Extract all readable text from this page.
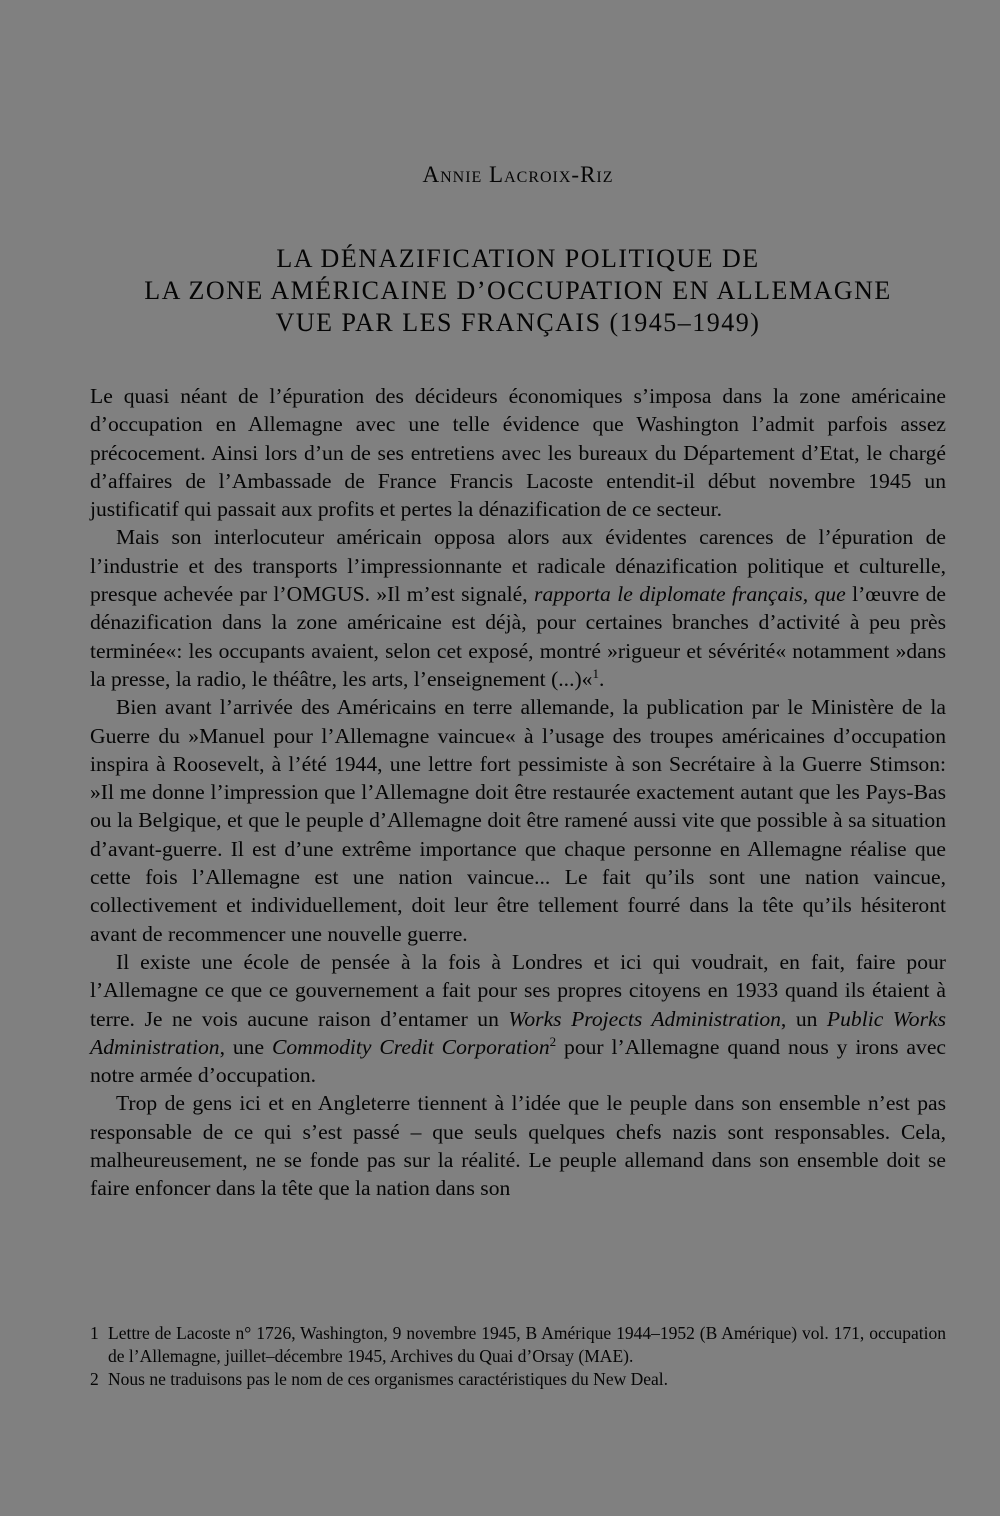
Annie Lacroix-Riz
LA DÉNAZIFICATION POLITIQUE DE
LA ZONE AMÉRICAINE D’OCCUPATION EN ALLEMAGNE
VUE PAR LES FRANÇAIS (1945–1949)

Le quasi néant de l’épuration des décideurs économiques s’imposa dans la zone américaine d’occupation en Allemagne avec une telle évidence que Washington l’admit parfois assez précocement. Ainsi lors d’un de ses entretiens avec les bureaux du Département d’Etat, le chargé d’affaires de l’Ambassade de France Francis Lacoste entendit-il début novembre 1945 un justificatif qui passait aux profits et pertes la dénazification de ce secteur.

Mais son interlocuteur américain opposa alors aux évidentes carences de l’épuration de l’industrie et des transports l’impressionnante et radicale dénazification politique et culturelle, presque achevée par l’OMGUS. »Il m’est signalé, rapporta le diplomate français, que l’œuvre de dénazification dans la zone américaine est déjà, pour certaines branches d’activité à peu près terminée«: les occupants avaient, selon cet exposé, montré »rigueur et sévérité« notamment »dans la presse, la radio, le théâtre, les arts, l’enseignement (...)«$^1$.

Bien avant l’arrivée des Américains en terre allemande, la publication par le Ministère de la Guerre du »Manuel pour l’Allemagne vaincue« à l’usage des troupes américaines d’occupation inspira à Roosevelt, à l’été 1944, une lettre fort pessimiste à son Secrétaire à la Guerre Stimson: »Il me donne l’impression que l’Allemagne doit être restaurée exactement autant que les Pays-Bas ou la Belgique, et que le peuple d’Allemagne doit être ramené aussi vite que possible à sa situation d’avant-guerre. Il est d’une extrême importance que chaque personne en Allemagne réalise que cette fois l’Allemagne est une nation vaincue... Le fait qu’ils sont une nation vaincue, collectivement et individuellement, doit leur être tellement fourré dans la tête qu’ils hésiteront avant de recommencer une nouvelle guerre.

Il existe une école de pensée à la fois à Londres et ici qui voudrait, en fait, faire pour l’Allemagne ce que ce gouvernement a fait pour ses propres citoyens en 1933 quand ils étaient à terre. Je ne vois aucune raison d’entamer un Works Projects Administration, un Public Works Administration, une Commodity Credit Corporation$^2$ pour l’Allemagne quand nous y irons avec notre armée d’occupation.

Trop de gens ici et en Angleterre tiennent à l’idée que le peuple dans son ensemble n’est pas responsable de ce qui s’est passé – que seuls quelques chefs nazis sont responsables. Cela, malheureusement, ne se fonde pas sur la réalité. Le peuple allemand dans son ensemble doit se faire enfoncer dans la tête que la nation dans son

1 Lettre de Lacoste n° 1726, Washington, 9 novembre 1945, B Amérique 1944–1952 (B Amérique) vol. 171, occupation de l’Allemagne, juillet–décembre 1945, Archives du Quai d’Orsay (MAE).
2 Nous ne traduisons pas le nom de ces organismes caractéristiques du New Deal.
